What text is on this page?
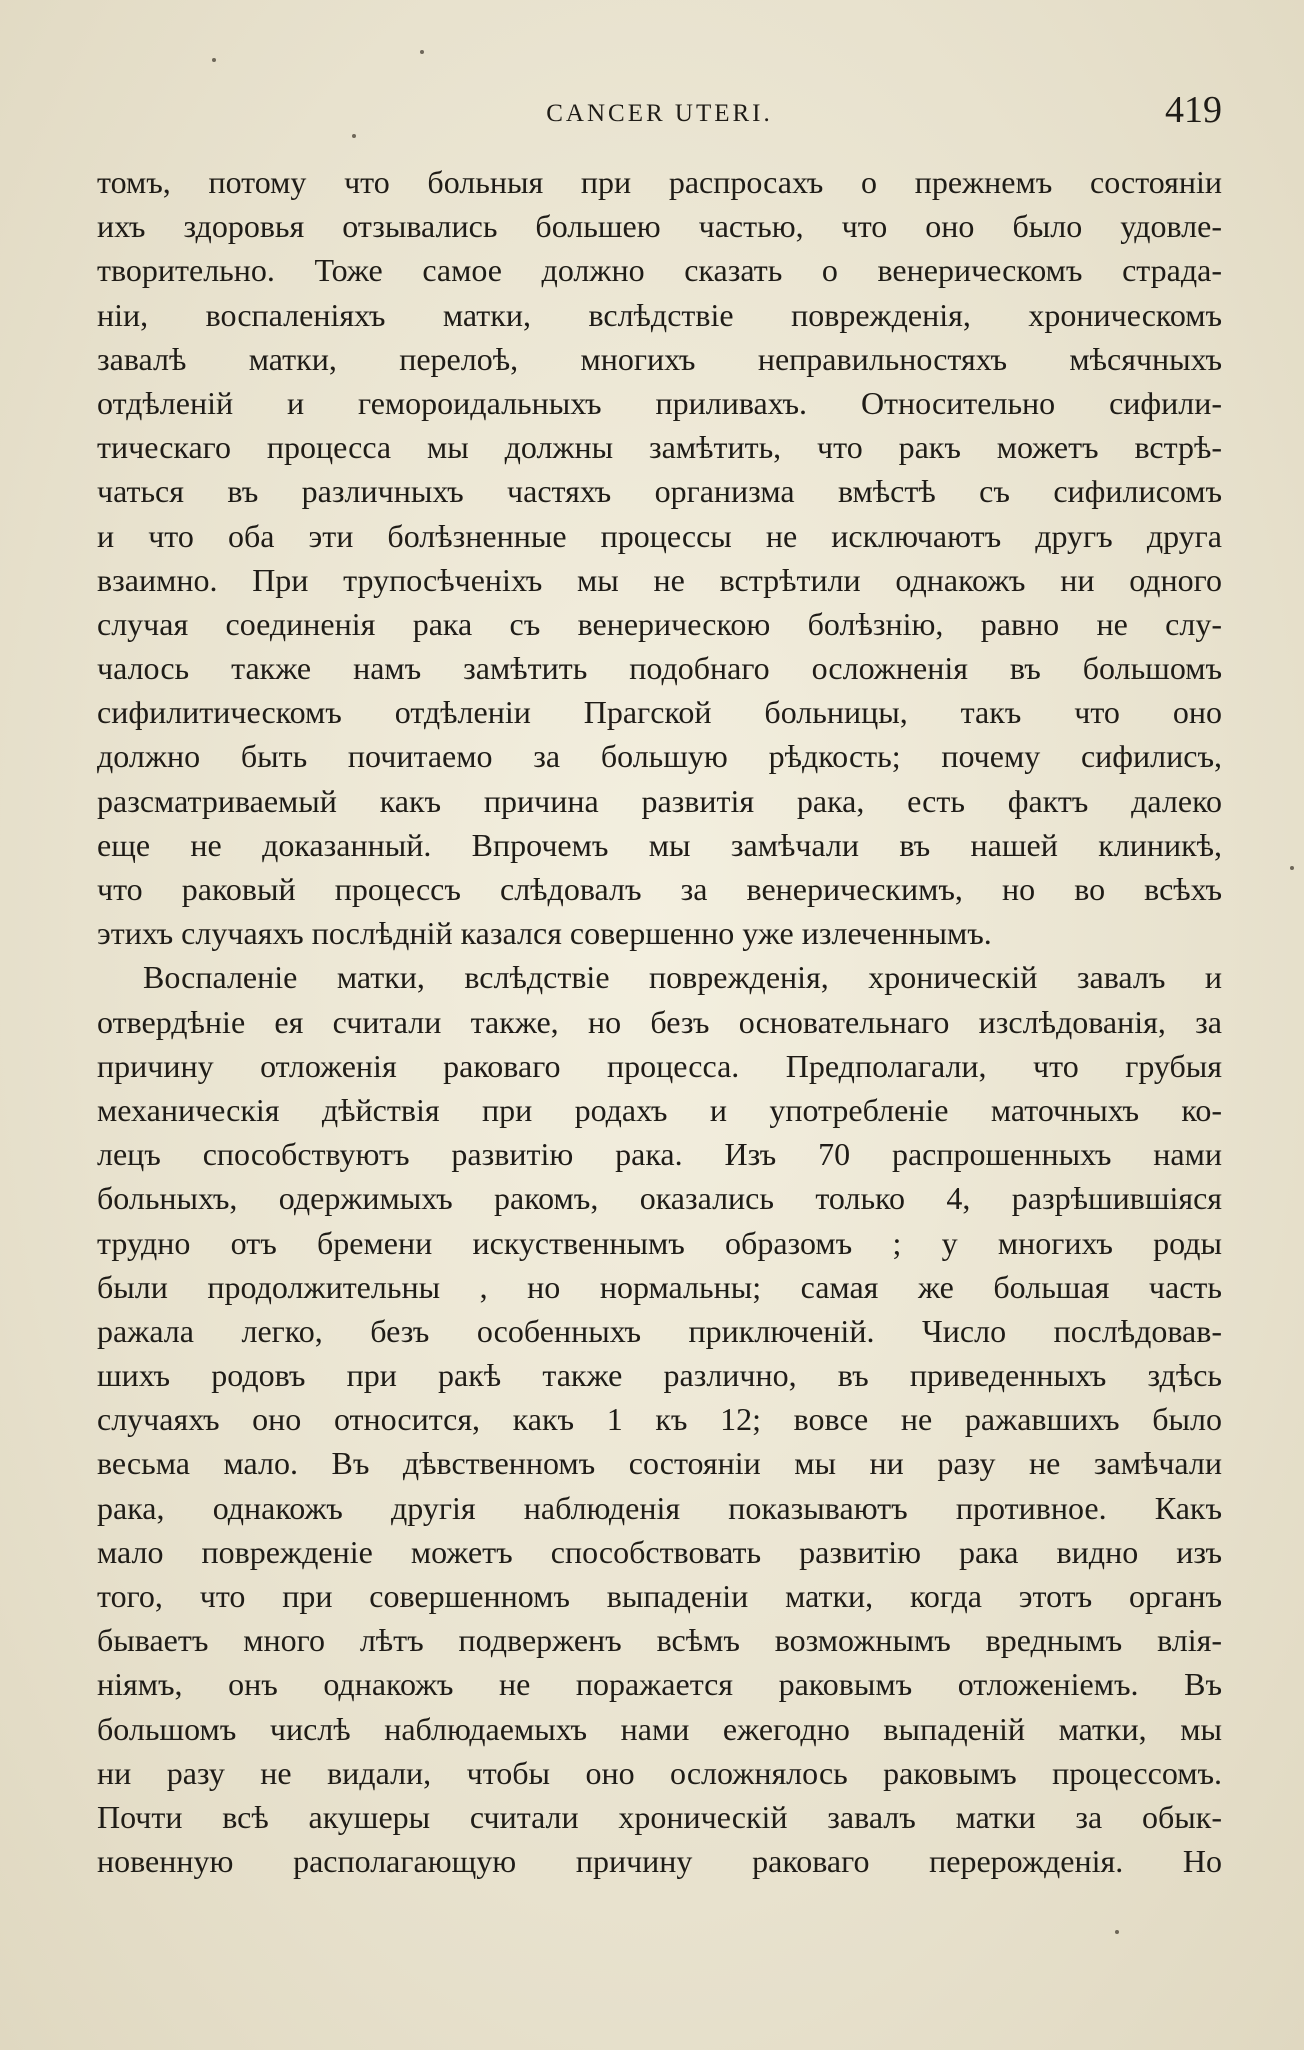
CANCER UTERI.	419
томъ, потому что больныя при распросахъ о прежнемъ состоянiи
ихъ здоровья отзывались большею частью, что оно было удовле-
творительно. Тоже самое должно сказать о венерическомъ страда-
нiи, воспаленiяхъ матки, вслѣдствiе поврежденiя, хроническомъ
завалѣ матки, перелоѣ, многихъ неправильностяхъ мѣсячныхъ
отдѣленiй и гемороидальныхъ приливахъ. Относительно сифили-
тическаго процесса мы должны замѣтить, что ракъ можетъ встрѣ-
чаться въ различныхъ частяхъ организма вмѣстѣ съ сифилисомъ
и что оба эти болѣзненные процессы не исключаютъ другъ друга
взаимно. При трупосѣченiхъ мы не встрѣтили однакожъ ни одного
случая соединенiя рака съ венерическою болѣзнiю, равно не слу-
чалось также намъ замѣтить подобнаго осложненiя въ большомъ
сифилитическомъ отдѣленiи Прагской больницы, такъ что оно
должно быть почитаемо за большую рѣдкость; почему сифилисъ,
разсматриваемый какъ причина развитiя рака, есть фактъ далеко
еще не доказанный. Впрочемъ мы замѣчали въ нашей клиникѣ,
что раковый процессъ слѣдовалъ за венерическимъ, но во всѣхъ
этихъ случаяхъ послѣднiй казался совершенно уже излеченнымъ.
Воспаленiе матки, вслѣдствiе поврежденiя, хроническiй завалъ и
отвердѣнiе ея считали также, но безъ основательнаго изслѣдованiя, за
причину отложенiя раковаго процесса. Предполагали, что грубыя
механическiя дѣйствiя при родахъ и употребленiе маточныхъ ко-
лецъ способствуютъ развитiю рака. Изъ 70 распрошенныхъ нами
больныхъ, одержимыхъ ракомъ, оказались только 4, разрѣшившiяся
трудно отъ бремени искуственнымъ образомъ ; у многихъ роды
были продолжительны , но нормальны; самая же большая часть
ражала легко, безъ особенныхъ приключенiй. Число послѣдовав-
шихъ родовъ при ракѣ также различно, въ приведенныхъ здѣсь
случаяхъ оно относится, какъ 1 къ 12; вовсе не ражавшихъ было
весьма мало. Въ дѣвственномъ состоянiи мы ни разу не замѣчали
рака, однакожъ другiя наблюденiя показываютъ противное. Какъ
мало поврежденiе можетъ способствовать развитiю рака видно изъ
того, что при совершенномъ выпаденiи матки, когда этотъ органъ
бываетъ много лѣтъ подверженъ всѣмъ возможнымъ вреднымъ влiя-
нiямъ, онъ однакожъ не поражается раковымъ отложенiемъ. Въ
большомъ числѣ наблюдаемыхъ нами ежегодно выпаденiй матки, мы
ни разу не видали, чтобы оно осложнялось раковымъ процессомъ.
Почти всѣ акушеры считали хроническiй завалъ матки за обык-
новенную располагающую причину раковаго перерожденiя. Но
